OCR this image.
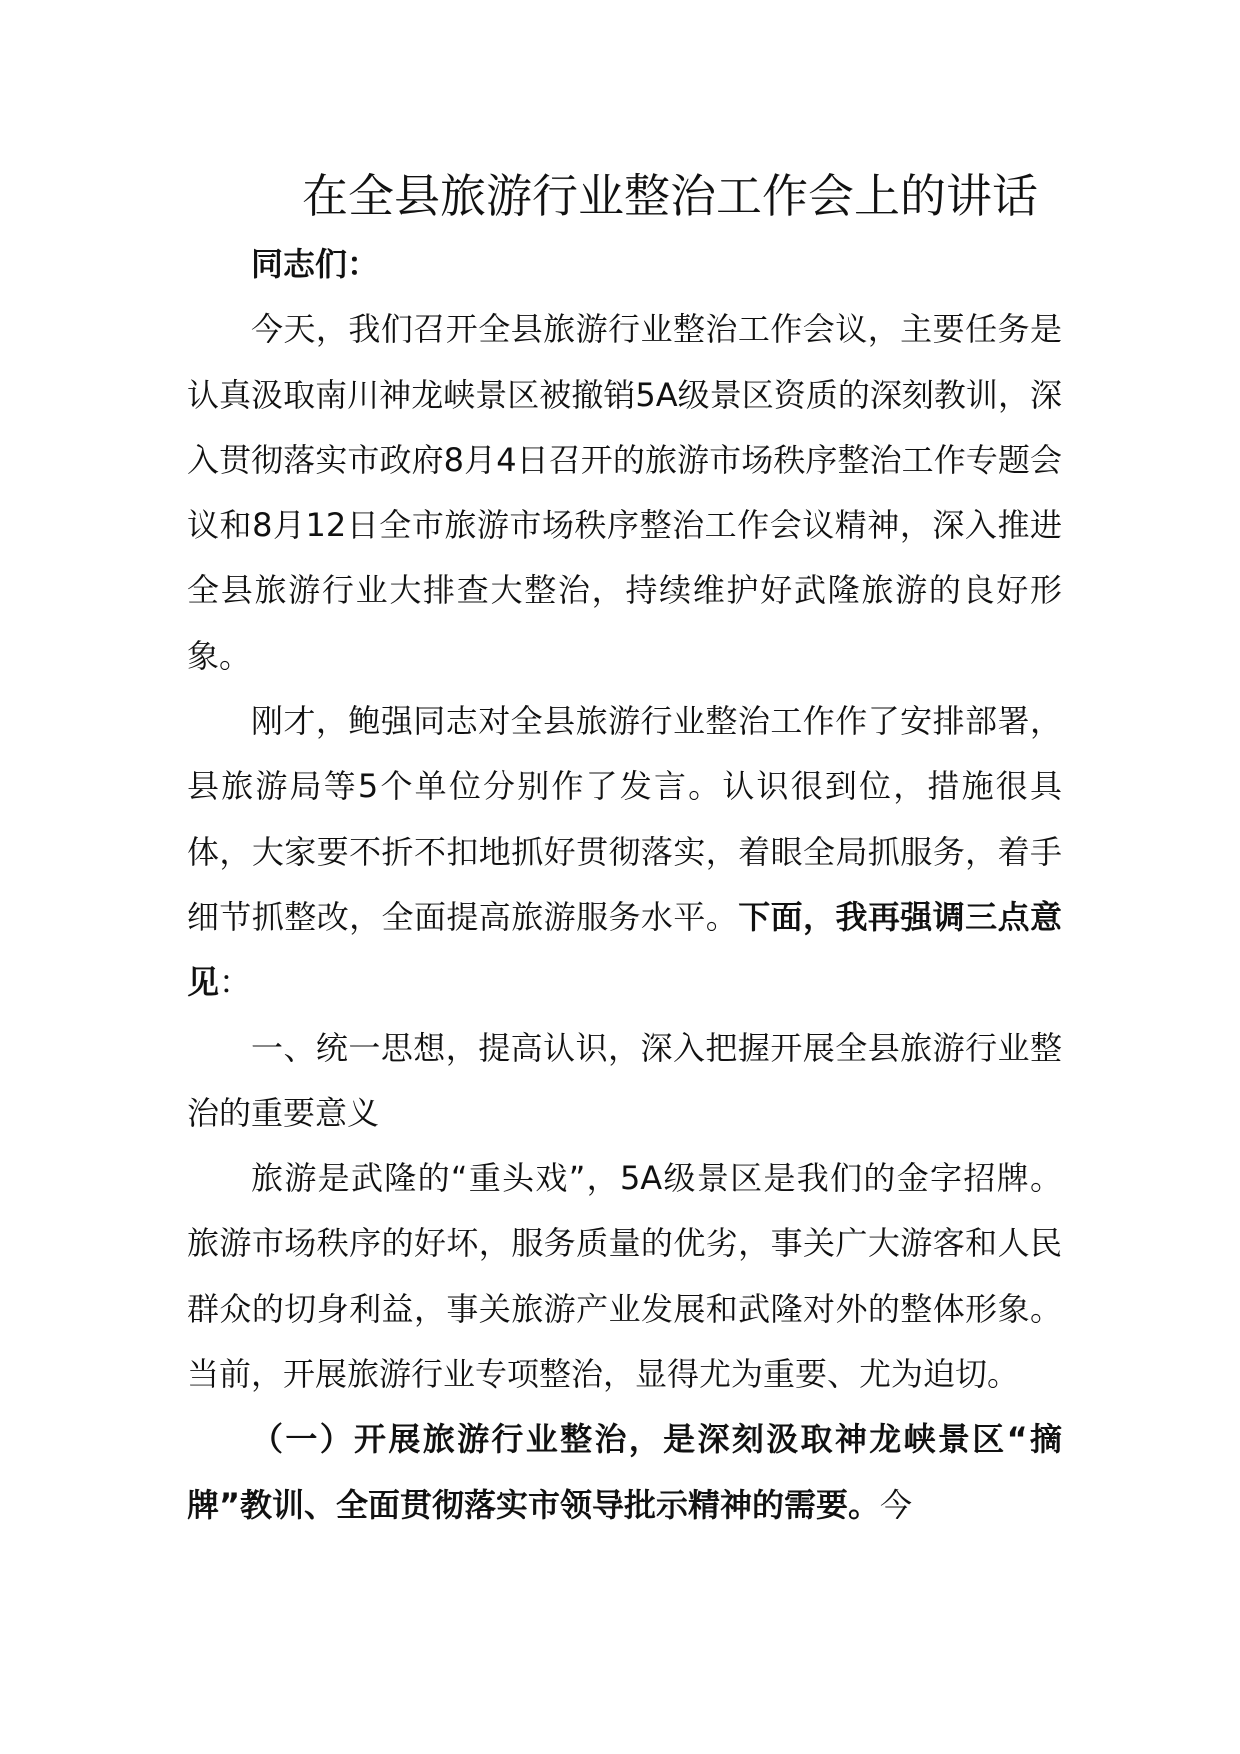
在全县旅游行业整治工作会上的讲话

同志们：

今天，我们召开全县旅游行业整治工作会议，主要任务是认真汲取南川神龙峡景区被撤销5A级景区资质的深刻教训，深入贯彻落实市政府8月4日召开的旅游市场秩序整治工作专题会议和8月12日全市旅游市场秩序整治工作会议精神，深入推进全县旅游行业大排查大整治，持续维护好武隆旅游的良好形象。

刚才，鲍强同志对全县旅游行业整治工作作了安排部署，县旅游局等5个单位分别作了发言。认识很到位，措施很具体，大家要不折不扣地抓好贯彻落实，着眼全局抓服务，着手细节抓整改，全面提高旅游服务水平。下面，我再强调三点意见：

一、统一思想，提高认识，深入把握开展全县旅游行业整治的重要意义

旅游是武隆的“重头戏”，5A级景区是我们的金字招牌。旅游市场秩序的好坏，服务质量的优劣，事关广大游客和人民群众的切身利益，事关旅游产业发展和武隆对外的整体形象。当前，开展旅游行业专项整治，显得尤为重要、尤为迫切。

（一）开展旅游行业整治，是深刻汲取神龙峡景区“摘牌”教训、全面贯彻落实市领导批示精神的需要。今
